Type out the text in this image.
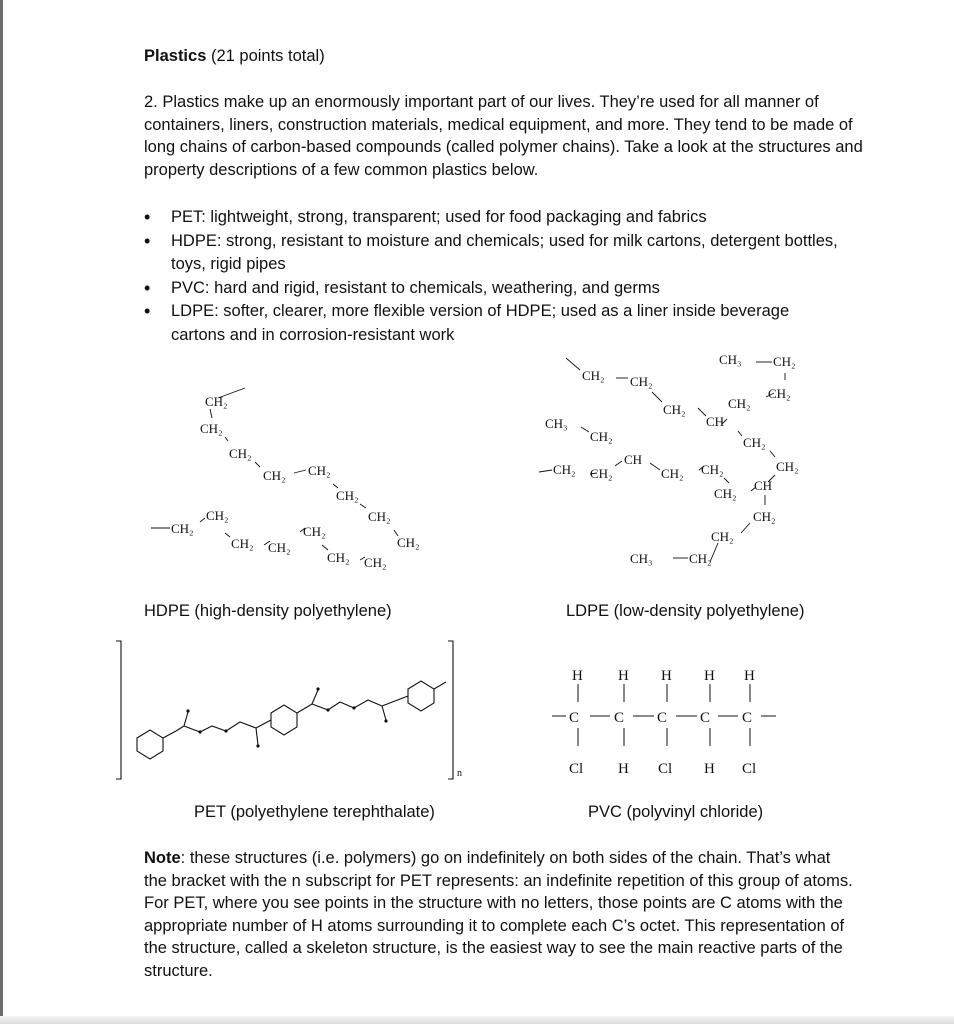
Plastics (21 points total)
2. Plastics make up an enormously important part of our lives. They’re used for all manner of containers, liners, construction materials, medical equipment, and more. They tend to be made of long chains of carbon-based compounds (called polymer chains). Take a look at the structures and property descriptions of a few common plastics below.
• PET: lightweight, strong, transparent; used for food packaging and fabrics
• HDPE: strong, resistant to moisture and chemicals; used for milk cartons, detergent bottles, toys, rigid pipes
• PVC: hard and rigid, resistant to chemicals, weathering, and germs
• LDPE: softer, clearer, more flexible version of HDPE; used as a liner inside beverage cartons and in corrosion-resistant work
CH₂
CH₂
CH₂
CH₂ CH₂
CH₂
CH₂
CH₂
CH₂
CH₂ CH₂
CH₂
CH₂ CH₂
CH₂
CH₂ CH₂
CH₂
CH
CH₃ CH₂
CH₂
CH₂
CH₂
CH₂
CH₃
CH₂
CH
CH₂ CH₂	CH₂ CH₂
CH₂
CH
CH₂
CH₂
CH₃	CH₂
n
H H H H H
C C C C C
Cl H Cl H Cl
HDPE (high-density polyethylene)	LDPE (low-density polyethylene)
PET (polyethylene terephthalate)	PVC (polyvinyl chloride)
Note: these structures (i.e. polymers) go on indefinitely on both sides of the chain. That’s what the bracket with the n subscript for PET represents: an indefinite repetition of this group of atoms. For PET, where you see points in the structure with no letters, those points are C atoms with the appropriate number of H atoms surrounding it to complete each C’s octet. This representation of the structure, called a skeleton structure, is the easiest way to see the main reactive parts of the structure.
